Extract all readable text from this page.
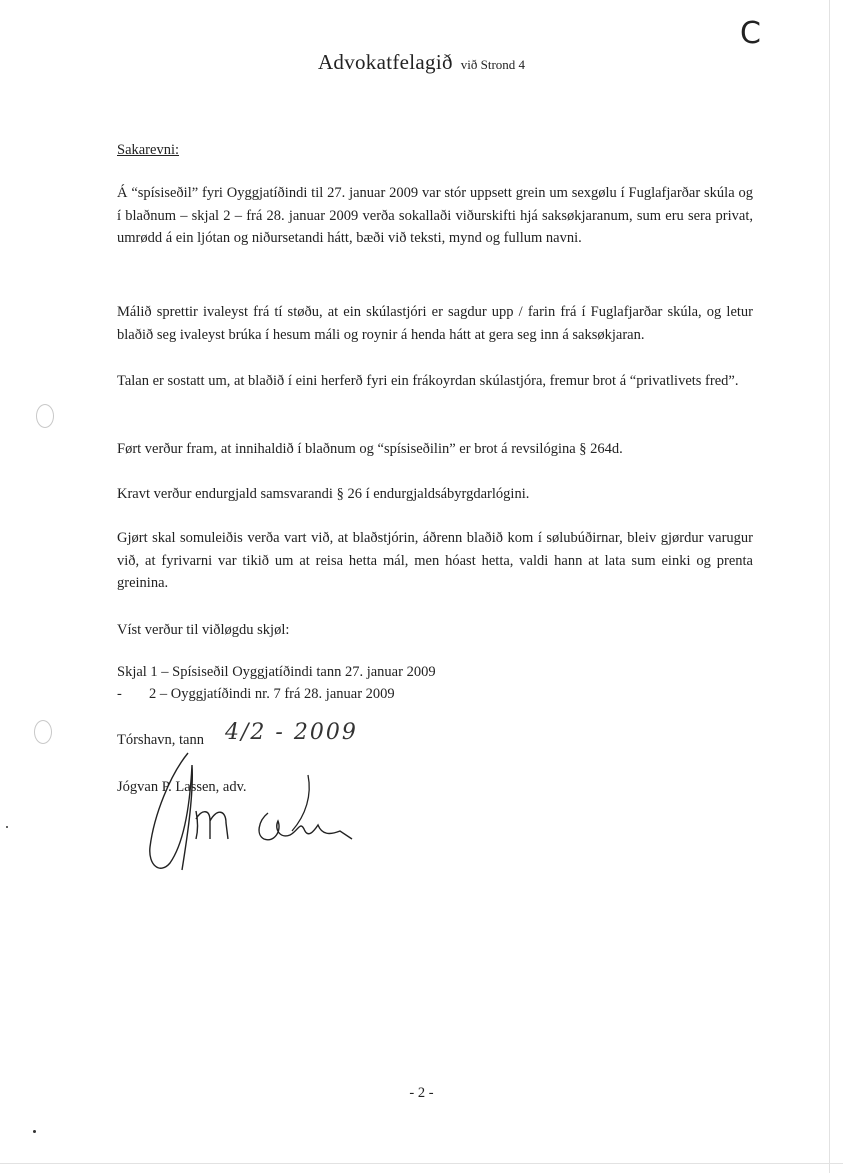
C
Advokatfelagið við Strond 4
Sakarevni:
Á “spísiseðil” fyri Oyggjatíðindi til 27. januar 2009 var stór uppsett grein um sexgølu í Fuglafjarðar skúla og í blaðnum – skjal 2 – frá 28. januar 2009 verða sokallaði viðurskifti hjá saksøkjaranum, sum eru sera privat, umrødd á ein ljótan og niðursetandi hátt, bæði við teksti, mynd og fullum navni.
Málið sprettir ivaleyst frá tí støðu, at ein skúlastjóri er sagdur upp / farin frá í Fuglafjarðar skúla, og letur blaðið seg ivaleyst brúka í hesum máli og roynir á henda hátt at gera seg inn á saksøkjaran.
Talan er sostatt um, at blaðið í eini herferð fyri ein frákoyrdan skúlastjóra, fremur brot á “privatlivets fred”.
Ført verður fram, at innihaldið í blaðnum og “spísiseðilin” er brot á revsilógina § 264d.
Kravt verður endurgjald samsvarandi § 26 í endurgjaldsábyrgdarlógini.
Gjørt skal somuleiðis verða vart við, at blaðstjórin, áðrenn blaðið kom í sølubúðirnar, bleiv gjørdur varugur við, at fyrivarni var tikið um at reisa hetta mál, men hóast hetta, valdi hann at lata sum einki og prenta greinina.
Víst verður til viðløgdu skjøl:
Skjal 1 – Spísiseðil Oyggjatíðindi tann 27. januar 2009
- 2 – Oyggjatíðindi nr. 7 frá 28. januar 2009
Tórshavn, tann 4/2 - 2009
Jógvan P. Lassen, adv.
- 2 -
